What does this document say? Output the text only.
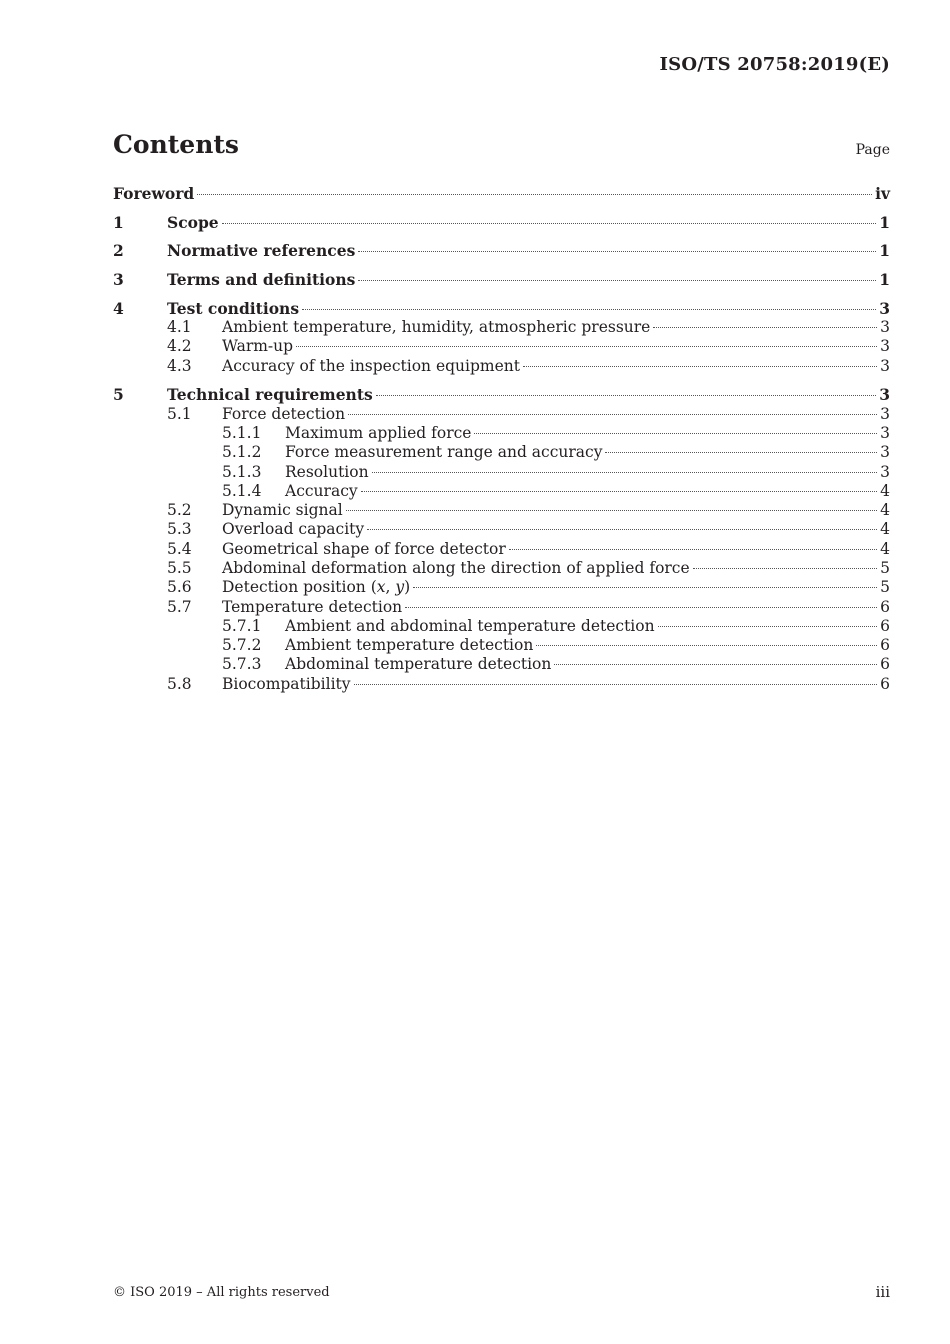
ISO/TS 20758:2019(E)
Contents	Page
Foreword	iv
1	Scope	1
2	Normative references	1
3	Terms and definitions	1
4	Test conditions	3
4.1 Ambient temperature, humidity, atmospheric pressure	3
4.2 Warm-up	3
4.3 Accuracy of the inspection equipment	3
5	Technical requirements	3
5.1 Force detection	3
5.1.1 Maximum applied force	3
5.1.2 Force measurement range and accuracy	3
5.1.3 Resolution	3
5.1.4 Accuracy	4
5.2 Dynamic signal	4
5.3 Overload capacity	4
5.4 Geometrical shape of force detector	4
5.5 Abdominal deformation along the direction of applied force	5
5.6 Detection position (x, y)	5
5.7 Temperature detection	6
5.7.1 Ambient and abdominal temperature detection	6
5.7.2 Ambient temperature detection	6
5.7.3 Abdominal temperature detection	6
5.8 Biocompatibility	6
© ISO 2019 – All rights reserved	iii
